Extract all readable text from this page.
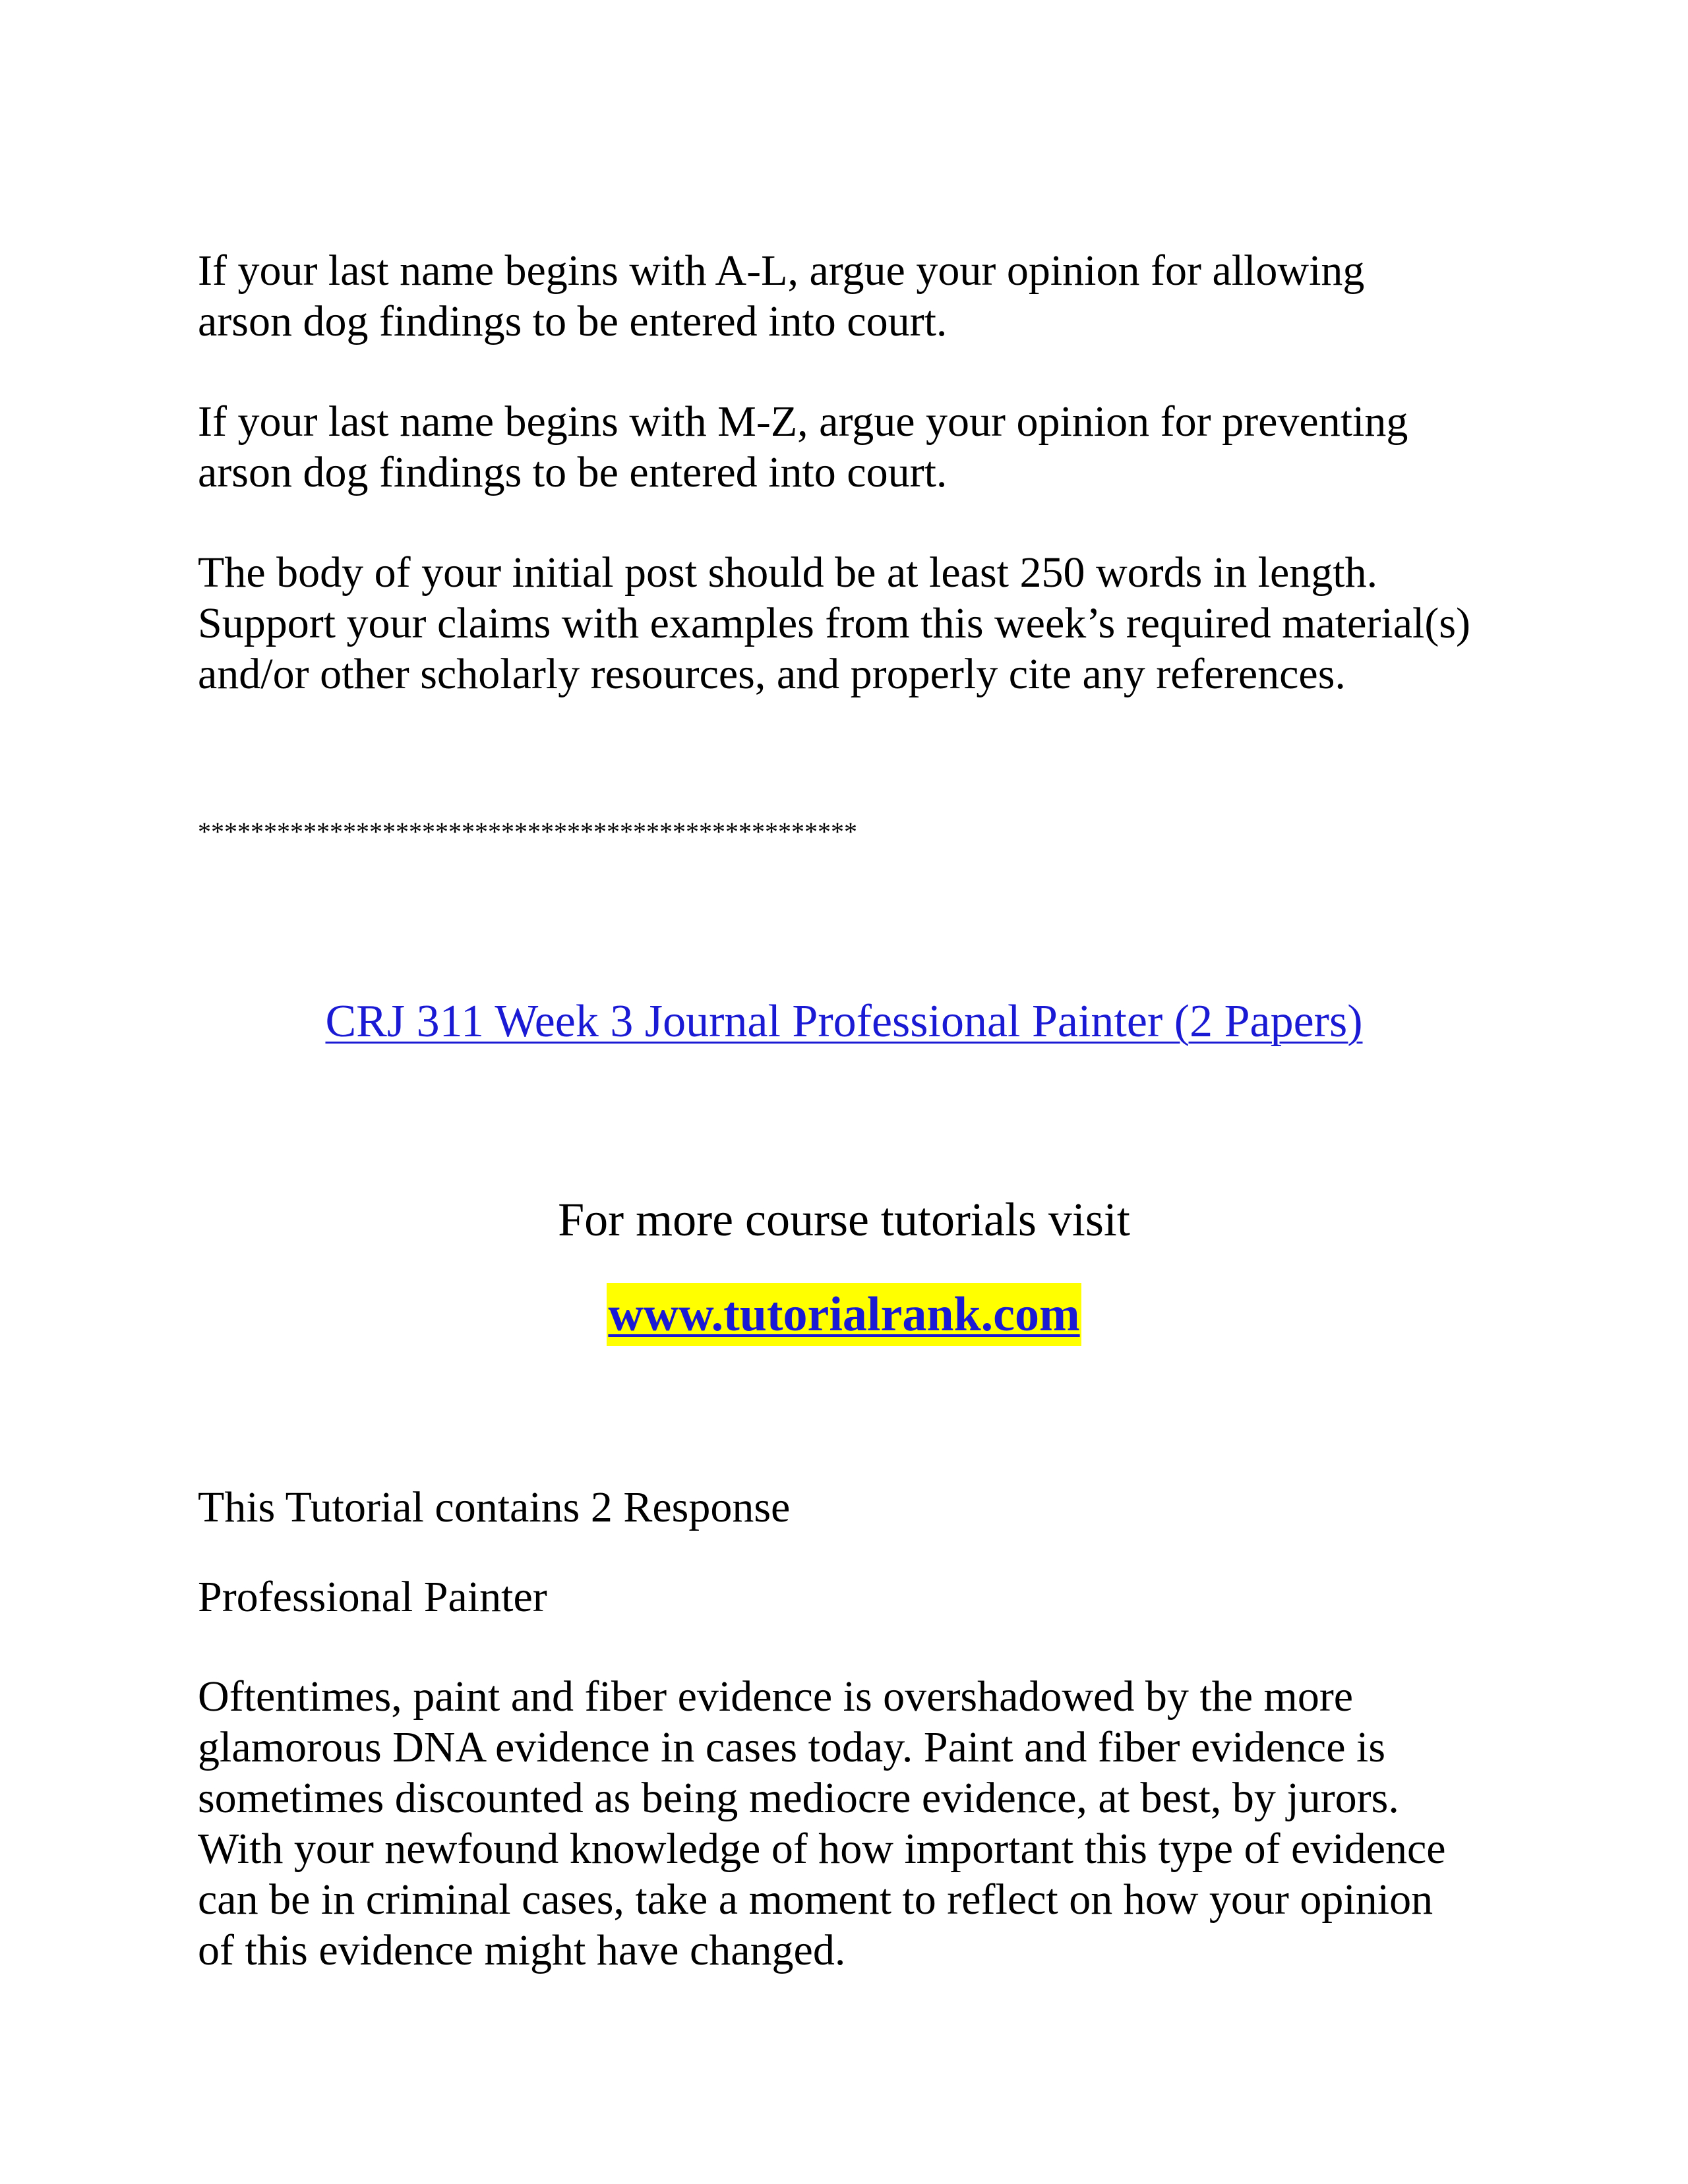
If your last name begins with A-L, argue your opinion for allowing
arson dog findings to be entered into court.
If your last name begins with M-Z, argue your opinion for preventing
arson dog findings to be entered into court.
The body of your initial post should be at least 250 words in length.
Support your claims with examples from this week’s required material(s)
and/or other scholarly resources, and properly cite any references.
**************************************************
CRJ 311 Week 3 Journal Professional Painter (2 Papers)
For more course tutorials visit
www.tutorialrank.com
This Tutorial contains 2 Response
Professional Painter
Oftentimes, paint and fiber evidence is overshadowed by the more
glamorous DNA evidence in cases today. Paint and fiber evidence is
sometimes discounted as being mediocre evidence, at best, by jurors.
With your newfound knowledge of how important this type of evidence
can be in criminal cases, take a moment to reflect on how your opinion
of this evidence might have changed.
